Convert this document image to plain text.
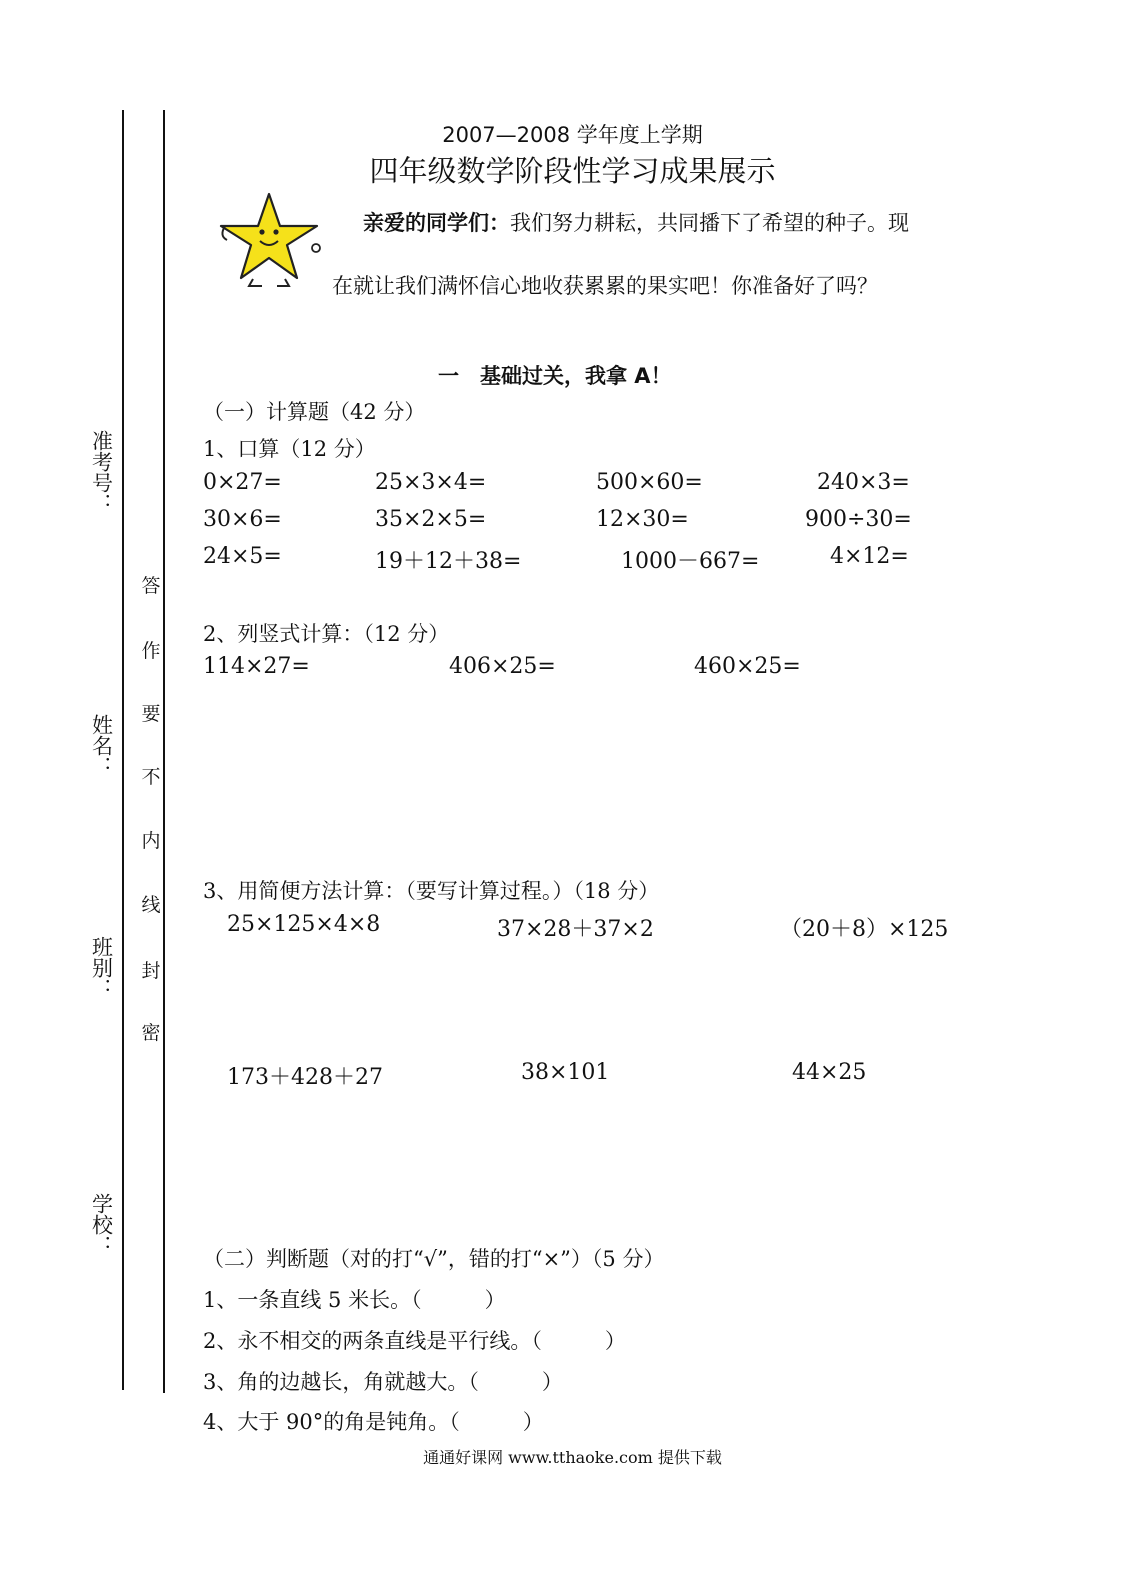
准考号：
姓名：
班别：
学校：
密
封
线
内
不
要
作
答
2007—2008 学年度上学期
四年级数学阶段性学习成果展示
亲爱的同学们：我们努力耕耘，共同播下了希望的种子。现
在就让我们满怀信心地收获累累的果实吧！你准备好了吗？
一　基础过关，我拿 A！
（一）计算题（42 分）
1、口算（12 分）
0×27=	25×3×4=	500×60=	240×3=
30×6=	35×2×5=	12×30=	900÷30=
24×5=	19＋12＋38=	1000－667=	4×12=
2、列竖式计算：（12 分）
114×27=	406×25=	460×25=
3、用简便方法计算：（要写计算过程。）（18 分）
25×125×4×8	37×28＋37×2	（20＋8）×125
173＋428＋27	38×101	44×25
（二）判断题（对的打“√”，错的打“×”）（5 分）
1、一条直线 5 米长。（　　　）
2、永不相交的两条直线是平行线。（　　　）
3、角的边越长，角就越大。（　　　）
4、大于 90°的角是钝角。（　　　）
通通好课网 www.tthaoke.com 提供下载
